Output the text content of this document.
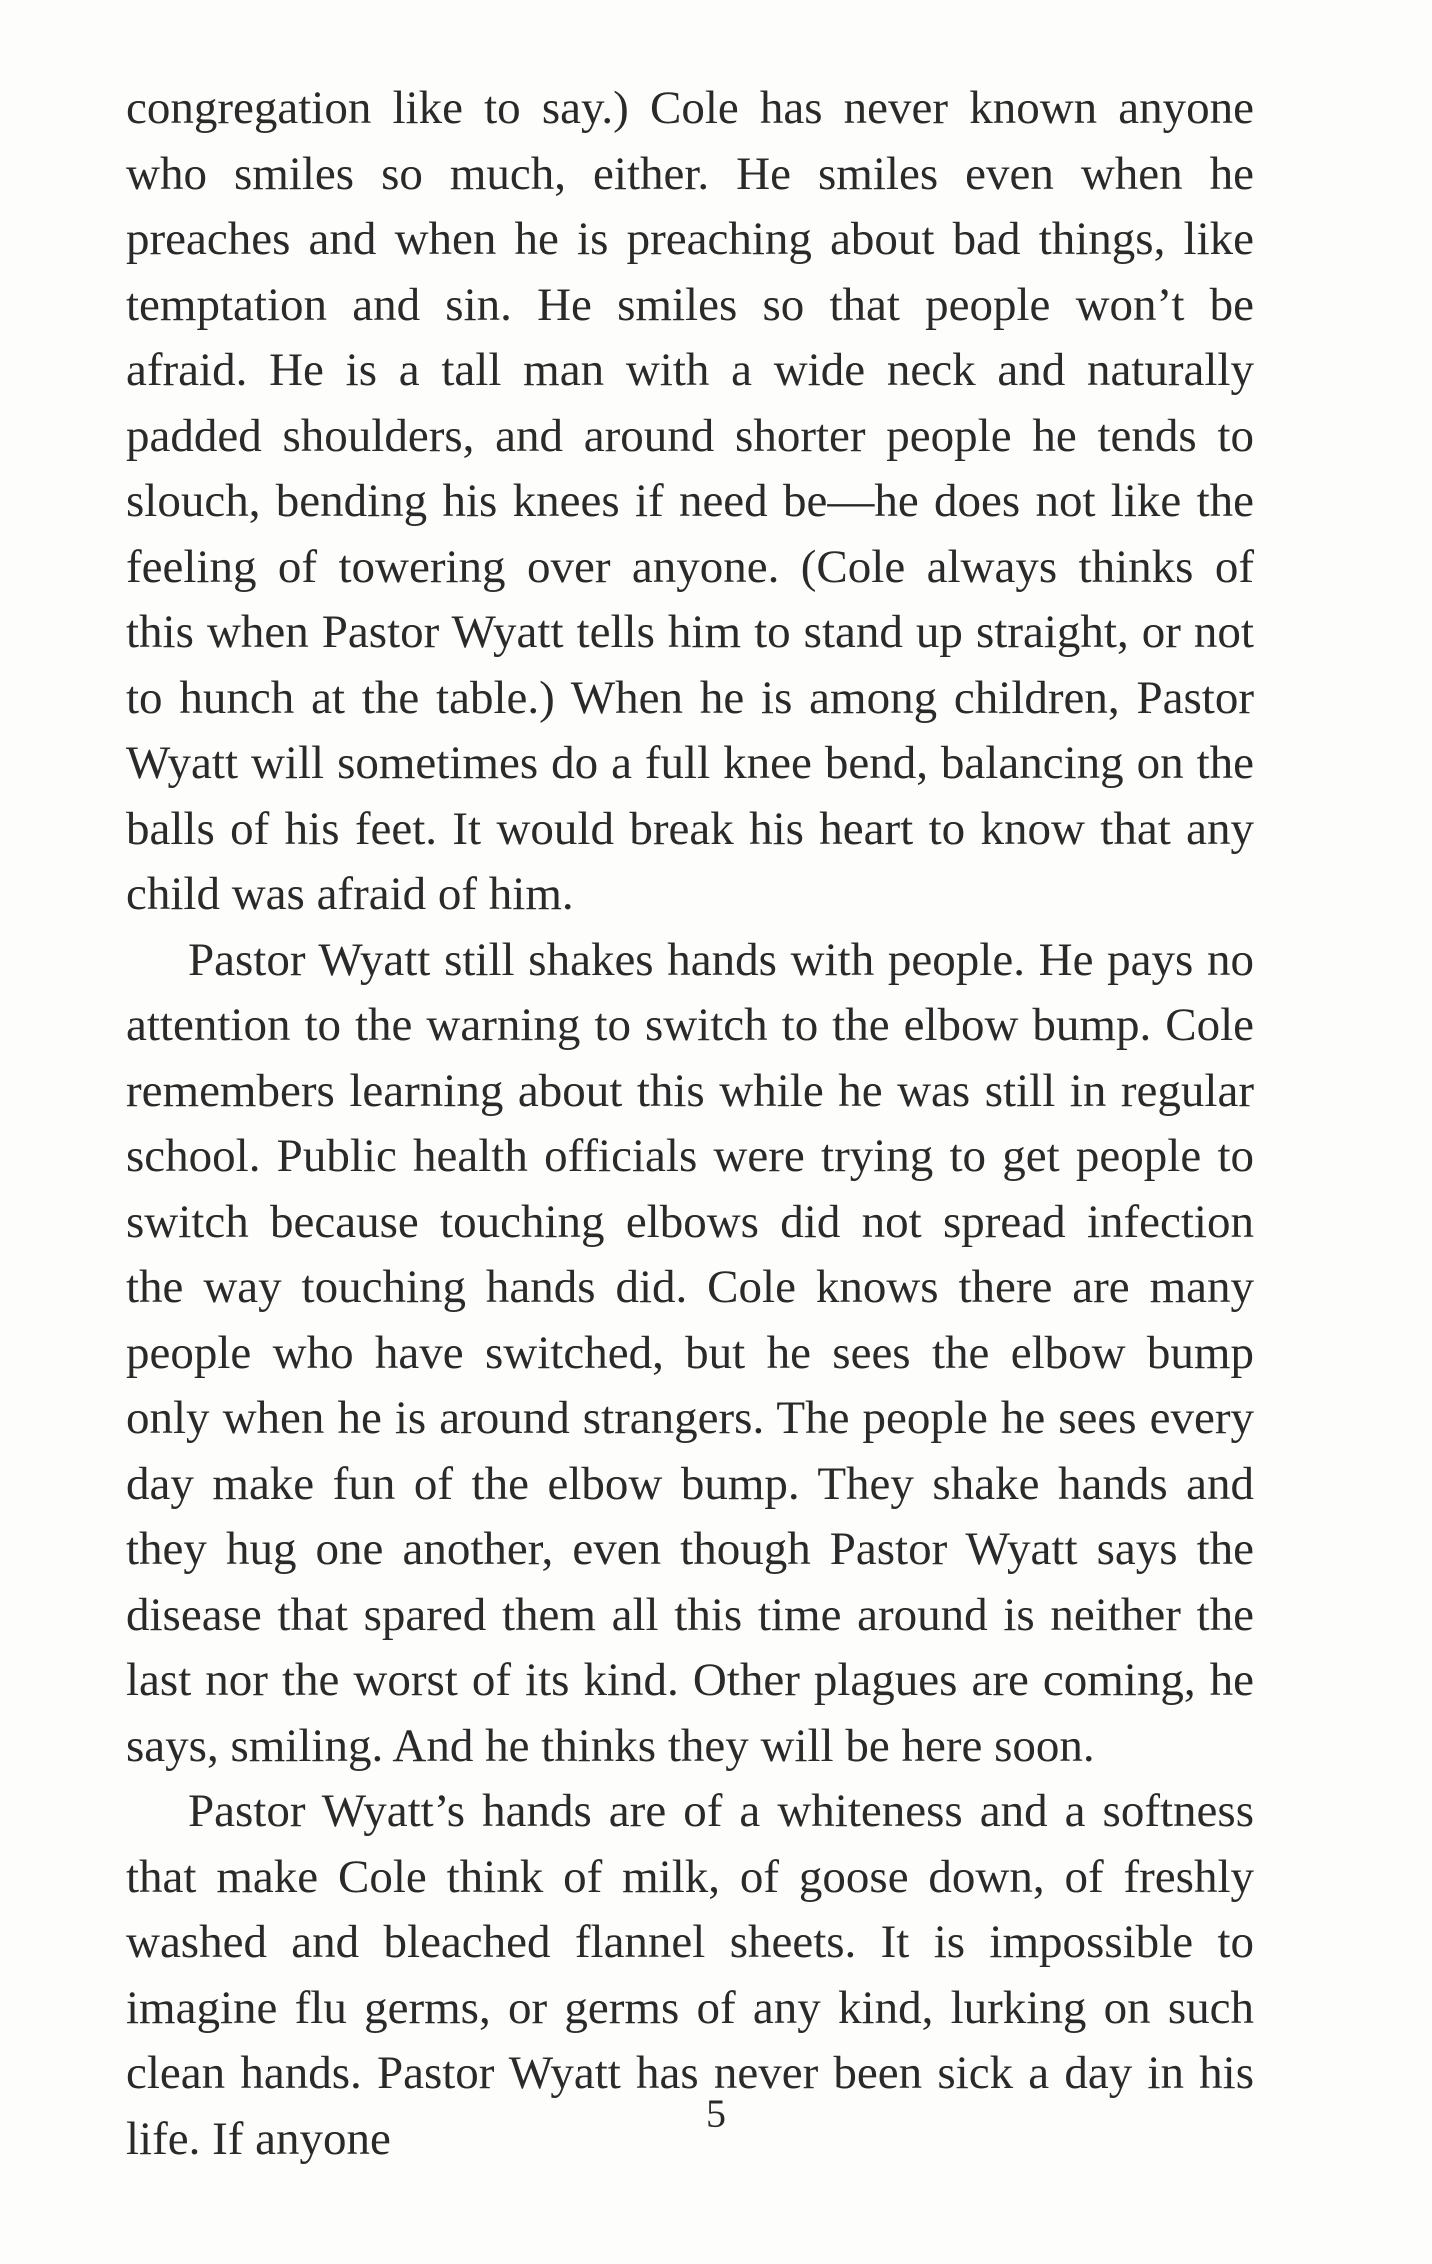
congregation like to say.) Cole has never known anyone who smiles so much, either. He smiles even when he preaches and when he is preaching about bad things, like temptation and sin. He smiles so that people won’t be afraid. He is a tall man with a wide neck and naturally padded shoulders, and around shorter people he tends to slouch, bending his knees if need be—he does not like the feeling of towering over anyone. (Cole always thinks of this when Pastor Wyatt tells him to stand up straight, or not to hunch at the table.) When he is among children, Pastor Wyatt will sometimes do a full knee bend, balancing on the balls of his feet. It would break his heart to know that any child was afraid of him.

Pastor Wyatt still shakes hands with people. He pays no attention to the warning to switch to the elbow bump. Cole remembers learning about this while he was still in regular school. Public health officials were trying to get people to switch because touching elbows did not spread infection the way touching hands did. Cole knows there are many people who have switched, but he sees the elbow bump only when he is around strangers. The people he sees every day make fun of the elbow bump. They shake hands and they hug one another, even though Pastor Wyatt says the disease that spared them all this time around is neither the last nor the worst of its kind. Other plagues are coming, he says, smiling. And he thinks they will be here soon.

Pastor Wyatt’s hands are of a whiteness and a softness that make Cole think of milk, of goose down, of freshly washed and bleached flannel sheets. It is impossible to imagine flu germs, or germs of any kind, lurking on such clean hands. Pastor Wyatt has never been sick a day in his life. If anyone	5
